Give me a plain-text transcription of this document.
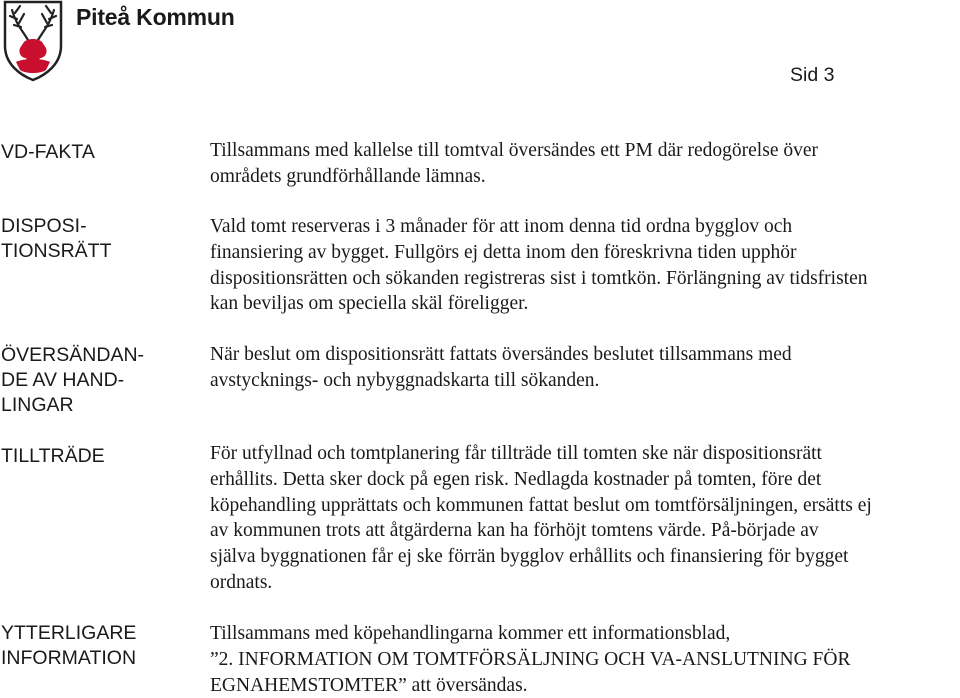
Piteå Kommun
Sid 3
VD-FAKTA	Tillsammans med kallelse till tomtval översändes ett PM där redogörelse över
områdets grundförhållande lämnas.
DISPOSI-
TIONSRÄTT
Vald tomt reserveras i 3 månader för att inom denna tid ordna bygglov och
finansiering av bygget. Fullgörs ej detta inom den föreskrivna tiden upphör
dispositionsrätten och sökanden registreras sist i tomtkön. Förlängning av tidsfristen
kan beviljas om speciella skäl föreligger.
ÖVERSÄNDAN-
DE AV HAND-
LINGAR
När beslut om dispositionsrätt fattats översändes beslutet tillsammans med
avstycknings- och nybyggnadskarta till sökanden.
TILLTRÄDE	För utfyllnad och tomtplanering får tillträde till tomten ske när dispositionsrätt
erhållits. Detta sker dock på egen risk. Nedlagda kostnader på tomten, före det
köpehandling upprättats och kommunen fattat beslut om tomtförsäljningen, ersätts ej
av kommunen trots att åtgärderna kan ha förhöjt tomtens värde. På-började av
själva byggnationen får ej ske förrän bygglov erhållits och finansiering för bygget
ordnats.
YTTERLIGARE
INFORMATION
Tillsammans med köpehandlingarna kommer ett informationsblad,
”2. INFORMATION OM TOMTFÖRSÄLJNING OCH VA-ANSLUTNING FÖR
EGNAHEMSTOMTER” att översändas.
